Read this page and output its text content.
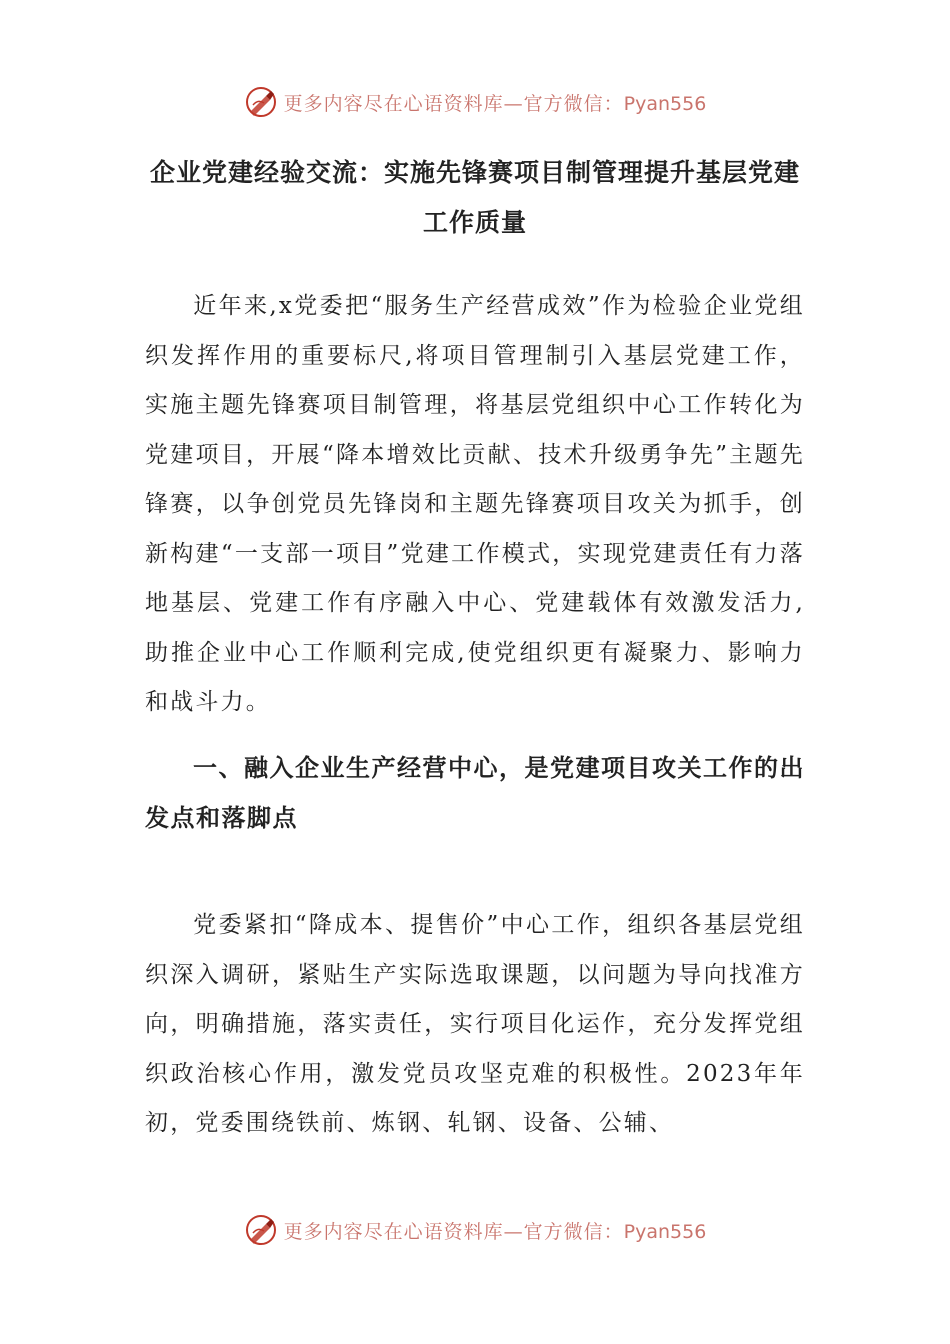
更多内容尽在心语资料库—官方微信：Pyan556
企业党建经验交流：实施先锋赛项目制管理提升基层党建工作质量
近年来,x党委把“服务生产经营成效”作为检验企业党组织发挥作用的重要标尺,将项目管理制引入基层党建工作，实施主题先锋赛项目制管理，将基层党组织中心工作转化为党建项目，开展“降本增效比贡献、技术升级勇争先”主题先锋赛，以争创党员先锋岗和主题先锋赛项目攻关为抓手，创新构建“一支部一项目”党建工作模式，实现党建责任有力落地基层、党建工作有序融入中心、党建载体有效激发活力,助推企业中心工作顺利完成,使党组织更有凝聚力、影响力和战斗力。
一、融入企业生产经营中心，是党建项目攻关工作的出发点和落脚点
党委紧扣“降成本、提售价”中心工作，组织各基层党组织深入调研，紧贴生产实际选取课题，以问题为导向找准方向，明确措施，落实责任，实行项目化运作，充分发挥党组织政治核心作用，激发党员攻坚克难的积极性。2023年年初，党委围绕铁前、炼钢、轧钢、设备、公辅、
更多内容尽在心语资料库—官方微信：Pyan556
